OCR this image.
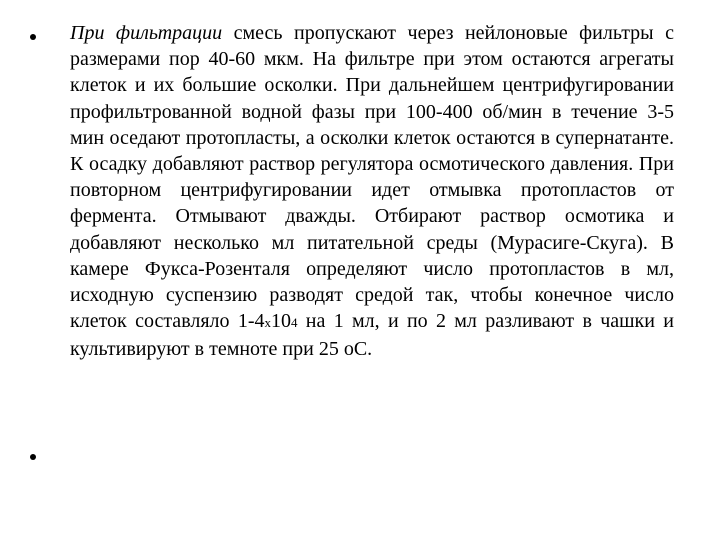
При фильтрации смесь пропускают через нейлоновые фильтры с размерами пор 40-60 мкм. На фильтре при этом остаются агрегаты клеток и их большие осколки. При дальнейшем центрифугировании профильтрованной водной фазы при 100-400 об/мин в течение 3-5 мин оседают протопласты, а осколки клеток остаются в супернатанте. К осадку добавляют раствор регулятора осмотического давления. При повторном центрифугировании идет отмывка протопластов от фермента. Отмывают дважды. Отбирают раствор осмотика и добавляют несколько мл питательной среды (Мурасиге-Скуга). В камере Фукса-Розенталя определяют число протопластов в мл, исходную суспензию разводят средой так, чтобы конечное число клеток составляло 1-4х104 на 1 мл, и по 2 мл разливают в чашки и культивируют в темноте при 25 оС.
